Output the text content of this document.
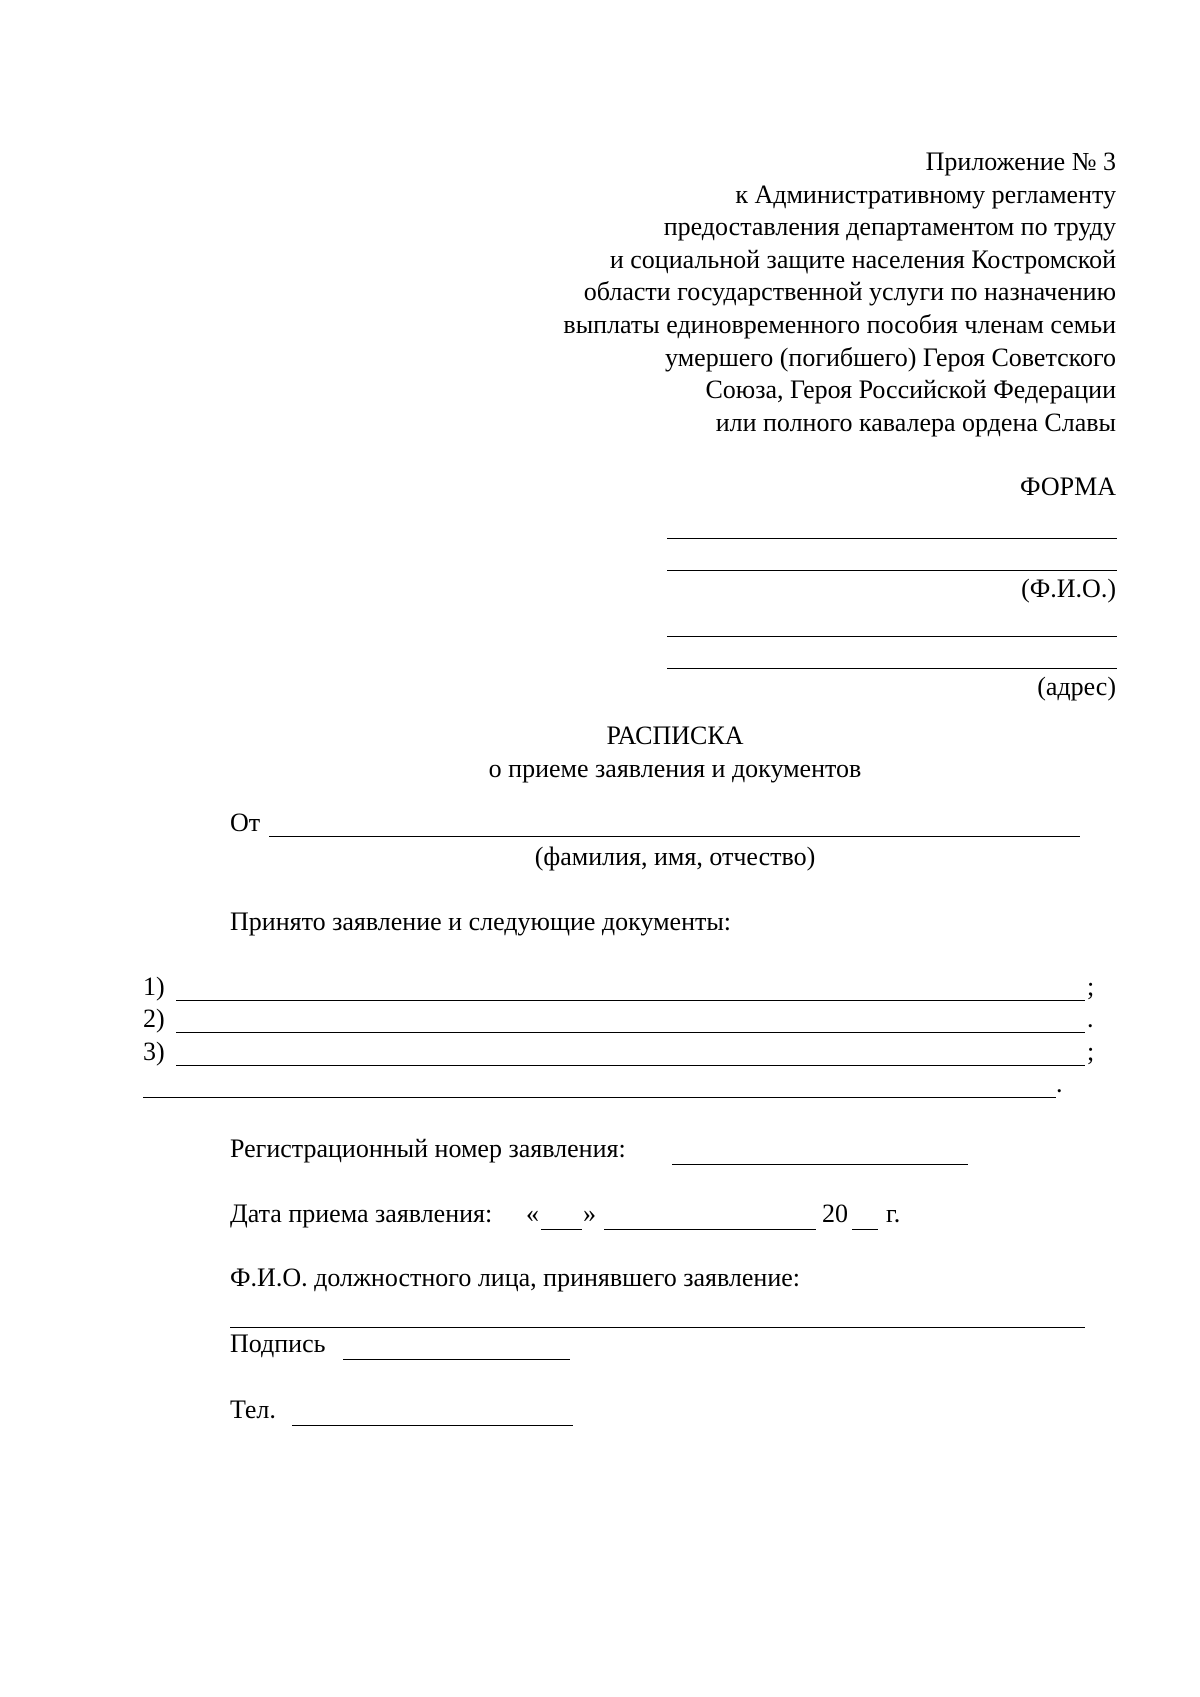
Приложение № 3
к Административному регламенту
предоставления департаментом по труду
и социальной защите населения Костромской
области государственной услуги по назначению
выплаты единовременного пособия членам семьи
умершего (погибшего) Героя Советского
Союза, Героя Российской Федерации
или полного кавалера ордена Славы
ФОРМА
(Ф.И.О.)
(адрес)
РАСПИСКА
о приеме заявления и документов
От
(фамилия, имя, отчество)
Принято заявление и следующие документы:
1)	;
2)	.
3)	;
.
Регистрационный номер заявления:
Дата приема заявления: « »	20 г.
Ф.И.О. должностного лица, принявшего заявление:
Подпись
Тел.
